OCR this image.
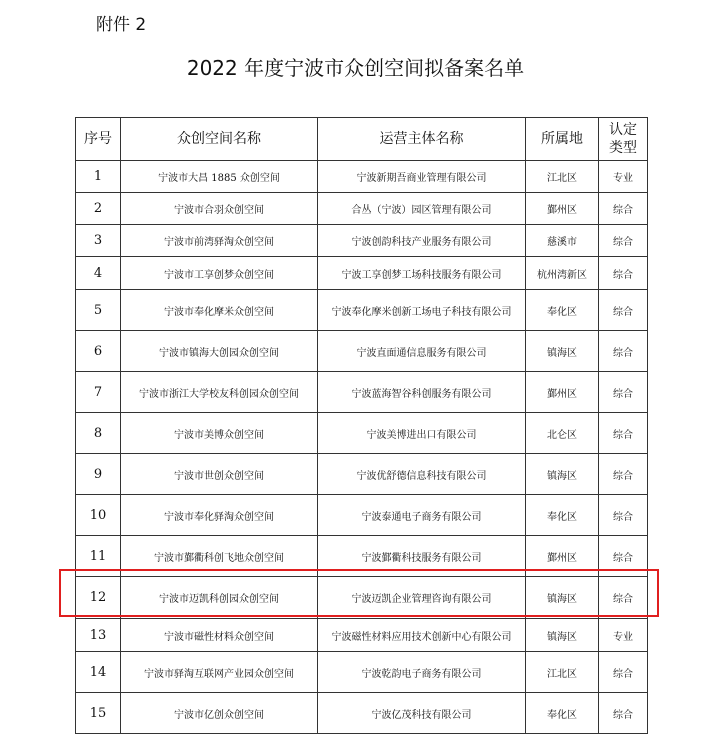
附件 2
2022 年度宁波市众创空间拟备案名单
序号	众创空间名称	运营主体名称	所属地	认定
类型
1	宁波市大昌 1885 众创空间	宁波新期吾商业管理有限公司	江北区	专业
2	宁波市合羽众创空间	合丛（宁波）园区管理有限公司	鄞州区	综合
3	宁波市前湾驿淘众创空间	宁波创韵科技产业服务有限公司	慈溪市	综合
4	宁波市工享创梦众创空间	宁波工享创梦工场科技服务有限公司	杭州湾新区	综合
5	宁波市奉化摩米众创空间	宁波奉化摩米创新工场电子科技有限公司	奉化区	综合
6	宁波市镇海大创园众创空间	宁波直面通信息服务有限公司	镇海区	综合
7	宁波市浙江大学校友科创园众创空间	宁波蓝海智谷科创服务有限公司	鄞州区	综合
8	宁波市美博众创空间	宁波美博进出口有限公司	北仑区	综合
9	宁波市世创众创空间	宁波优舒德信息科技有限公司	镇海区	综合
10	宁波市奉化驿淘众创空间	宁波泰通电子商务有限公司	奉化区	综合
11	宁波市鄞衢科创飞地众创空间	宁波鄞衢科技服务有限公司	鄞州区	综合
12	宁波市迈凯科创园众创空间	宁波迈凯企业管理咨询有限公司	镇海区	综合
13	宁波市磁性材料众创空间	宁波磁性材料应用技术创新中心有限公司	镇海区	专业
14	宁波市驿淘互联网产业园众创空间	宁波乾韵电子商务有限公司	江北区	综合
15	宁波市亿创众创空间	宁波亿茂科技有限公司	奉化区	综合
